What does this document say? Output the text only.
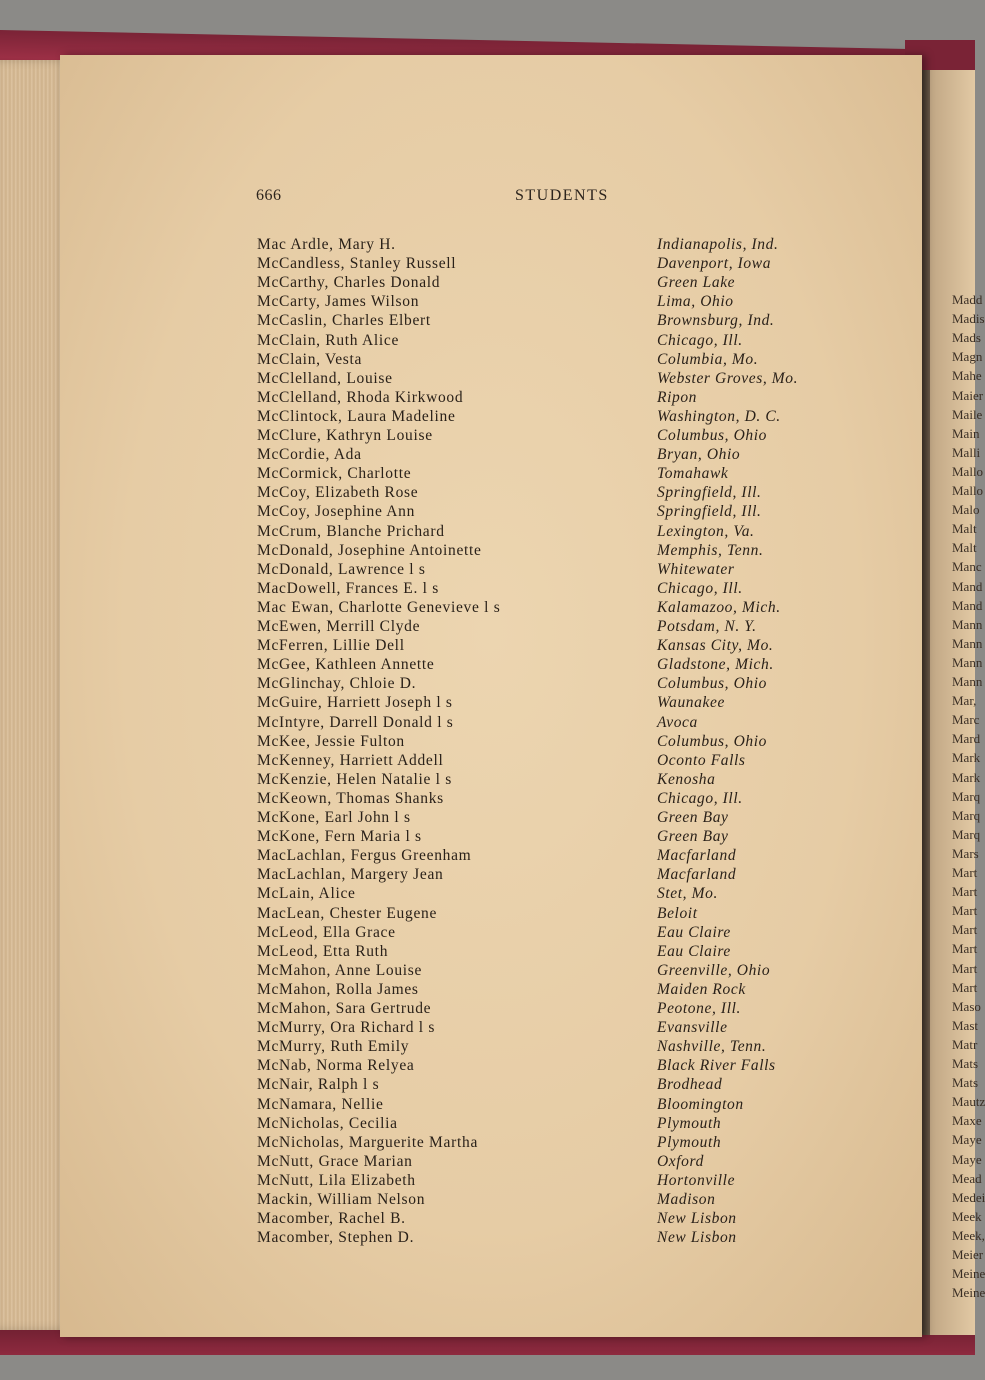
Madd
Madis
Mads
Magn
Mahe
Maier
Maile
Main
Malli
Mallo
Mallo
Malo
Malt
Malt
Manc
Mand
Mand
Mann
Mann
Mann
Mann
Mar,
Marc
Mard
Mark
Mark
Marq
Marq
Marq
Mars
Mart
Mart
Mart
Mart
Mart
Mart
Mart
Maso
Mast
Matr
Mats
Mats
Mautz
Maxe
Maye
Maye
Mead
Medei
Meek
Meek,
Meier
Meine
Meine
666	STUDENTS
Mac Ardle, Mary H.	Indianapolis, Ind.
McCandless, Stanley Russell	Davenport, Iowa
McCarthy, Charles Donald	Green Lake
McCarty, James Wilson	Lima, Ohio
McCaslin, Charles Elbert	Brownsburg, Ind.
McClain, Ruth Alice	Chicago, Ill.
McClain, Vesta	Columbia, Mo.
McClelland, Louise	Webster Groves, Mo.
McClelland, Rhoda Kirkwood	Ripon
McClintock, Laura Madeline	Washington, D. C.
McClure, Kathryn Louise	Columbus, Ohio
McCordie, Ada	Bryan, Ohio
McCormick, Charlotte	Tomahawk
McCoy, Elizabeth Rose	Springfield, Ill.
McCoy, Josephine Ann	Springfield, Ill.
McCrum, Blanche Prichard	Lexington, Va.
McDonald, Josephine Antoinette	Memphis, Tenn.
McDonald, Lawrence l s	Whitewater
MacDowell, Frances E. l s	Chicago, Ill.
Mac Ewan, Charlotte Genevieve l s	Kalamazoo, Mich.
McEwen, Merrill Clyde	Potsdam, N. Y.
McFerren, Lillie Dell	Kansas City, Mo.
McGee, Kathleen Annette	Gladstone, Mich.
McGlinchay, Chloie D.	Columbus, Ohio
McGuire, Harriett Joseph l s	Waunakee
McIntyre, Darrell Donald l s	Avoca
McKee, Jessie Fulton	Columbus, Ohio
McKenney, Harriett Addell	Oconto Falls
McKenzie, Helen Natalie l s	Kenosha
McKeown, Thomas Shanks	Chicago, Ill.
McKone, Earl John l s	Green Bay
McKone, Fern Maria l s	Green Bay
MacLachlan, Fergus Greenham	Macfarland
MacLachlan, Margery Jean	Macfarland
McLain, Alice	Stet, Mo.
MacLean, Chester Eugene	Beloit
McLeod, Ella Grace	Eau Claire
McLeod, Etta Ruth	Eau Claire
McMahon, Anne Louise	Greenville, Ohio
McMahon, Rolla James	Maiden Rock
McMahon, Sara Gertrude	Peotone, Ill.
McMurry, Ora Richard l s	Evansville
McMurry, Ruth Emily	Nashville, Tenn.
McNab, Norma Relyea	Black River Falls
McNair, Ralph l s	Brodhead
McNamara, Nellie	Bloomington
McNicholas, Cecilia	Plymouth
McNicholas, Marguerite Martha	Plymouth
McNutt, Grace Marian	Oxford
McNutt, Lila Elizabeth	Hortonville
Mackin, William Nelson	Madison
Macomber, Rachel B.	New Lisbon
Macomber, Stephen D.	New Lisbon
